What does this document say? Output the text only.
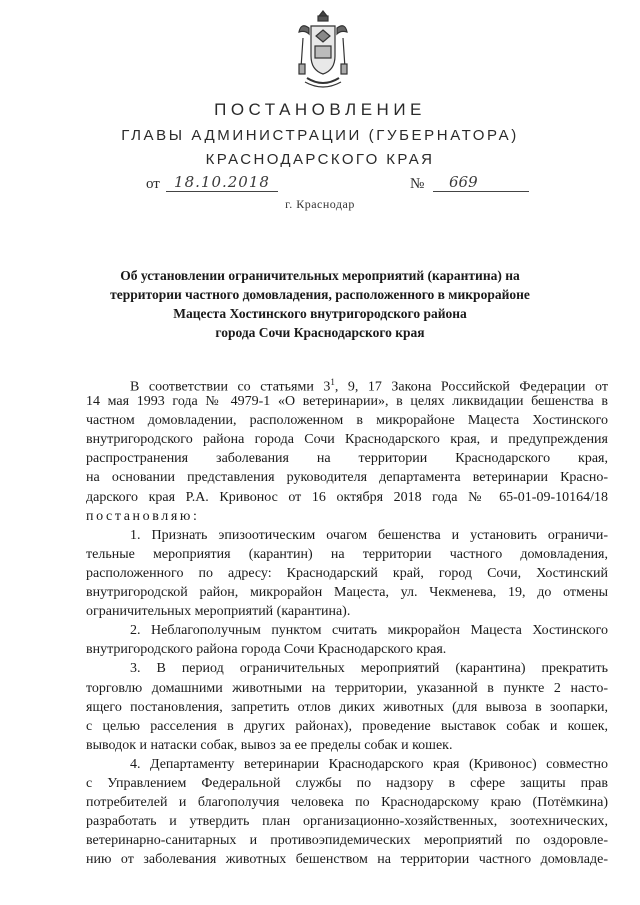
ПОСТАНОВЛЕНИЕ
ГЛАВЫ АДМИНИСТРАЦИИ (ГУБЕРНАТОРА)
КРАСНОДАРСКОГО КРАЯ
от 18.10.2018	№	669
г. Краснодар
Об установлении ограничительных мероприятий (карантина) на
территории частного домовладения, расположенного в микрорайоне
Мацеста Хостинского внутригородского района
города Сочи Краснодарского края
В соответствии со статьями $3^1$, 9, 17 Закона Российской Федерации от
14 мая 1993 года № 4979-1 «О ветеринарии», в целях ликвидации бешенства в
частном домовладении, расположенном в микрорайоне Мацеста Хостинского
внутригородского района города Сочи Краснодарского края, и предупреждения
распространения заболевания на территории Краснодарского края,
на основании представления руководителя департамента ветеринарии Красно-
дарского края Р.А. Кривонос от 16 октября 2018 года № 65-01-09-10164/18
постановляю:
1. Признать эпизоотическим очагом бешенства и установить ограничи-
тельные мероприятия (карантин) на территории частного домовладения,
расположенного по адресу: Краснодарский край, город Сочи, Хостинский
внутригородской район, микрорайон Мацеста, ул. Чекменева, 19, до отмены
ограничительных мероприятий (карантина).
2. Неблагополучным пунктом считать микрорайон Мацеста Хостинского
внутригородского района города Сочи Краснодарского края.
3. В период ограничительных мероприятий (карантина) прекратить
торговлю домашними животными на территории, указанной в пункте 2 насто-
ящего постановления, запретить отлов диких животных (для вывоза в зоопарки,
с целью расселения в других районах), проведение выставок собак и кошек,
выводок и натаски собак, вывоз за ее пределы собак и кошек.
4. Департаменту ветеринарии Краснодарского края (Кривонос) совместно
с Управлением Федеральной службы по надзору в сфере защиты прав
потребителей и благополучия человека по Краснодарскому краю (Потёмкина)
разработать и утвердить план организационно-хозяйственных, зоотехнических,
ветеринарно-санитарных и противоэпидемических мероприятий по оздоровле-
нию от заболевания животных бешенством на территории частного домовладе-
